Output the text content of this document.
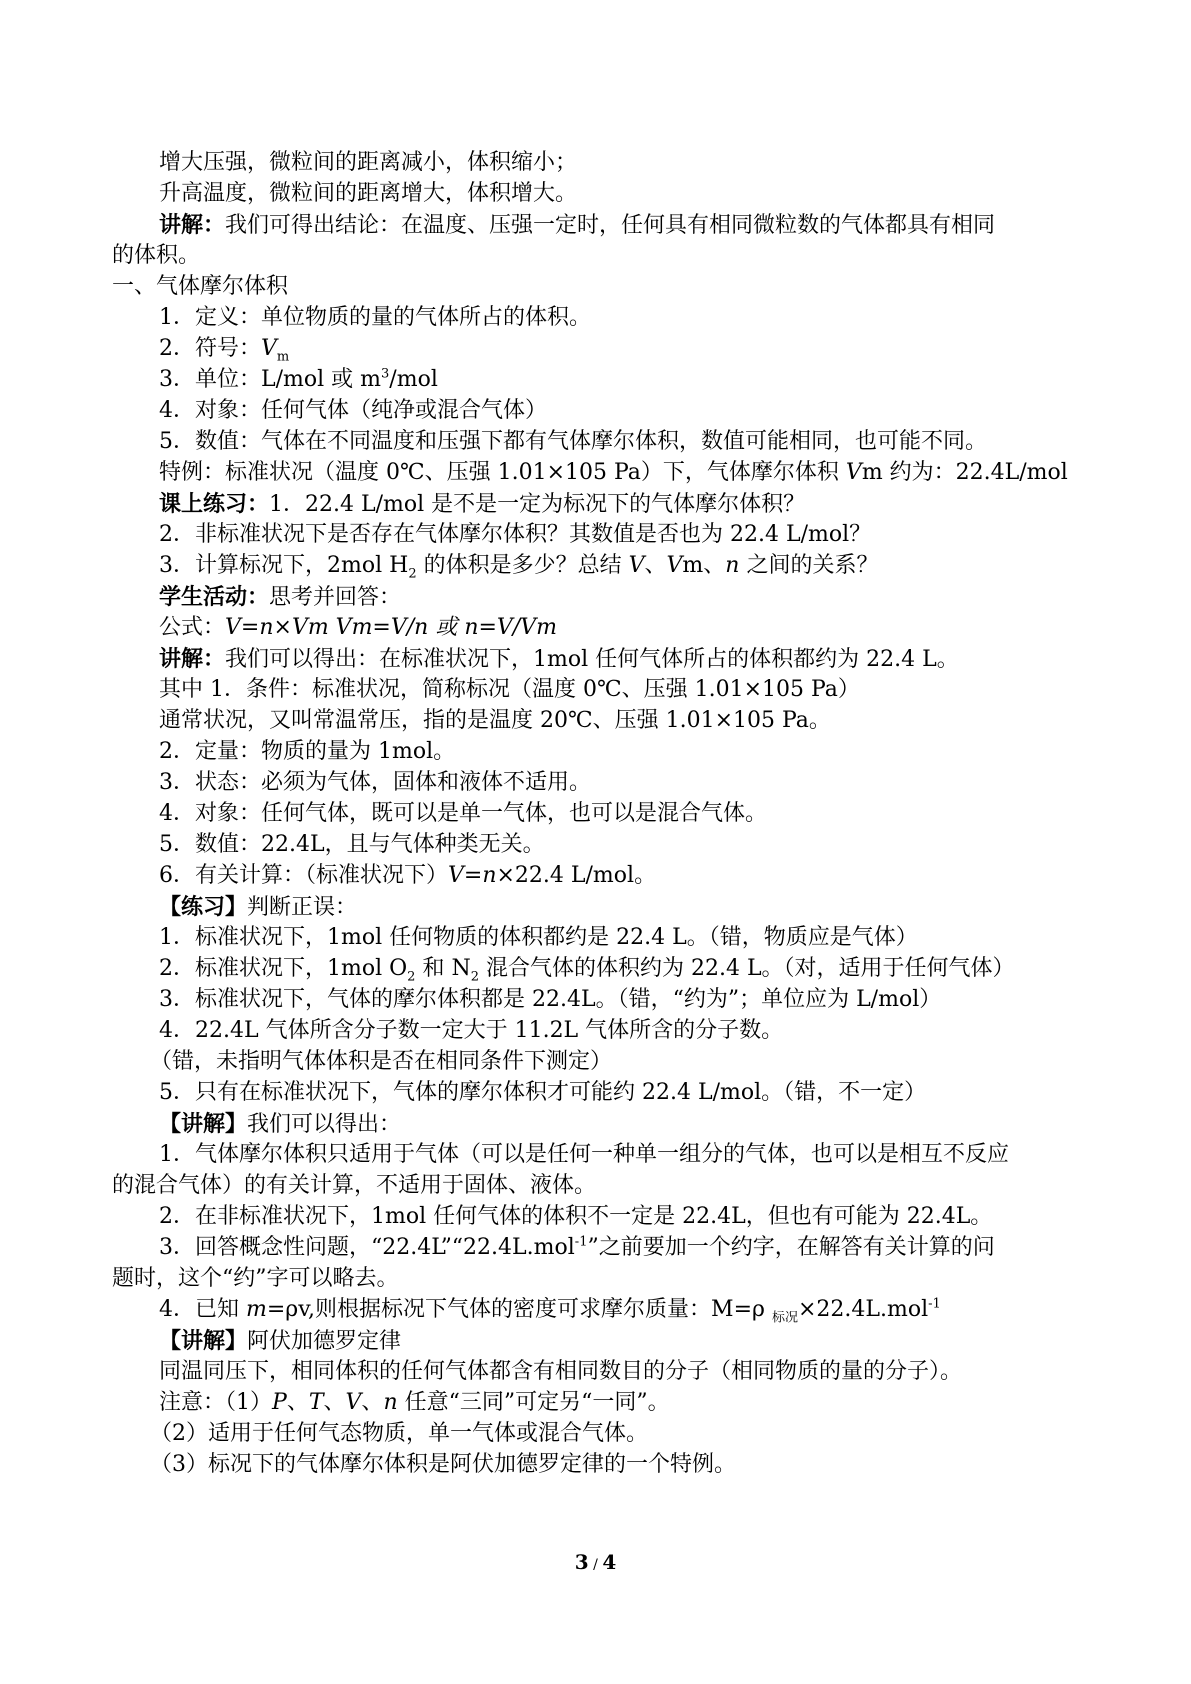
增大压强，微粒间的距离减小，体积缩小；
升高温度，微粒间的距离增大，体积增大。
讲解：我们可得出结论：在温度、压强一定时，任何具有相同微粒数的气体都具有相同
的体积。
一、气体摩尔体积
1．定义：单位物质的量的气体所占的体积。
2．符号：$V_m$
3．单位：L/mol 或 $m^3$/mol
4．对象：任何气体（纯净或混合气体）
5．数值：气体在不同温度和压强下都有气体摩尔体积，数值可能相同，也可能不同。
特例：标准状况（温度 0℃、压强 1.01×105 Pa）下，气体摩尔体积 Vm 约为：22.4L/mol
课上练习：1．22.4 L/mol 是不是一定为标况下的气体摩尔体积？
2．非标准状况下是否存在气体摩尔体积？其数值是否也为 22.4 L/mol？
3．计算标况下，2mol $H_2$ 的体积是多少？总结 V、Vm、n 之间的关系？
学生活动：思考并回答：
公式：V=n×Vm Vm=V/n 或 n=V/Vm
讲解：我们可以得出：在标准状况下，1mol 任何气体所占的体积都约为 22.4 L。
其中 1．条件：标准状况，简称标况（温度 0℃、压强 1.01×105 Pa）
通常状况，又叫常温常压，指的是温度 20℃、压强 1.01×105 Pa。
2．定量：物质的量为 1mol。
3．状态：必须为气体，固体和液体不适用。
4．对象：任何气体，既可以是单一气体，也可以是混合气体。
5．数值：22.4L，且与气体种类无关。
6．有关计算：（标准状况下）V=n×22.4 L/mol。
【练习】判断正误：
1．标准状况下，1mol 任何物质的体积都约是 22.4 L。（错，物质应是气体）
2．标准状况下，1mol $O_2$ 和 $N_2$ 混合气体的体积约为 22.4 L。（对，适用于任何气体）
3．标准状况下，气体的摩尔体积都是 22.4L。（错，“约为”；单位应为 L/mol）
4．22.4L 气体所含分子数一定大于 11.2L 气体所含的分子数。
（错，未指明气体体积是否在相同条件下测定）
5．只有在标准状况下，气体的摩尔体积才可能约 22.4 L/mol。（错，不一定）
【讲解】我们可以得出：
1．气体摩尔体积只适用于气体（可以是任何一种单一组分的气体，也可以是相互不反应
的混合气体）的有关计算，不适用于固体、液体。
2．在非标准状况下，1mol 任何气体的体积不一定是 22.4L，但也有可能为 22.4L。
3．回答概念性问题，“22.4L”“22.4L.mol$^{-1}$”之前要加一个约字，在解答有关计算的问
题时，这个“约”字可以略去。
4．已知 m=ρv,则根据标况下气体的密度可求摩尔质量：M=ρ $_{标况}$×22.4L.mol$^{-1}$
【讲解】阿伏加德罗定律
同温同压下，相同体积的任何气体都含有相同数目的分子（相同物质的量的分子）。
注意：（1）P、T、V、n 任意“三同”可定另“一同”。
（2）适用于任何气态物质，单一气体或混合气体。
（3）标况下的气体摩尔体积是阿伏加德罗定律的一个特例。
3 / 4
